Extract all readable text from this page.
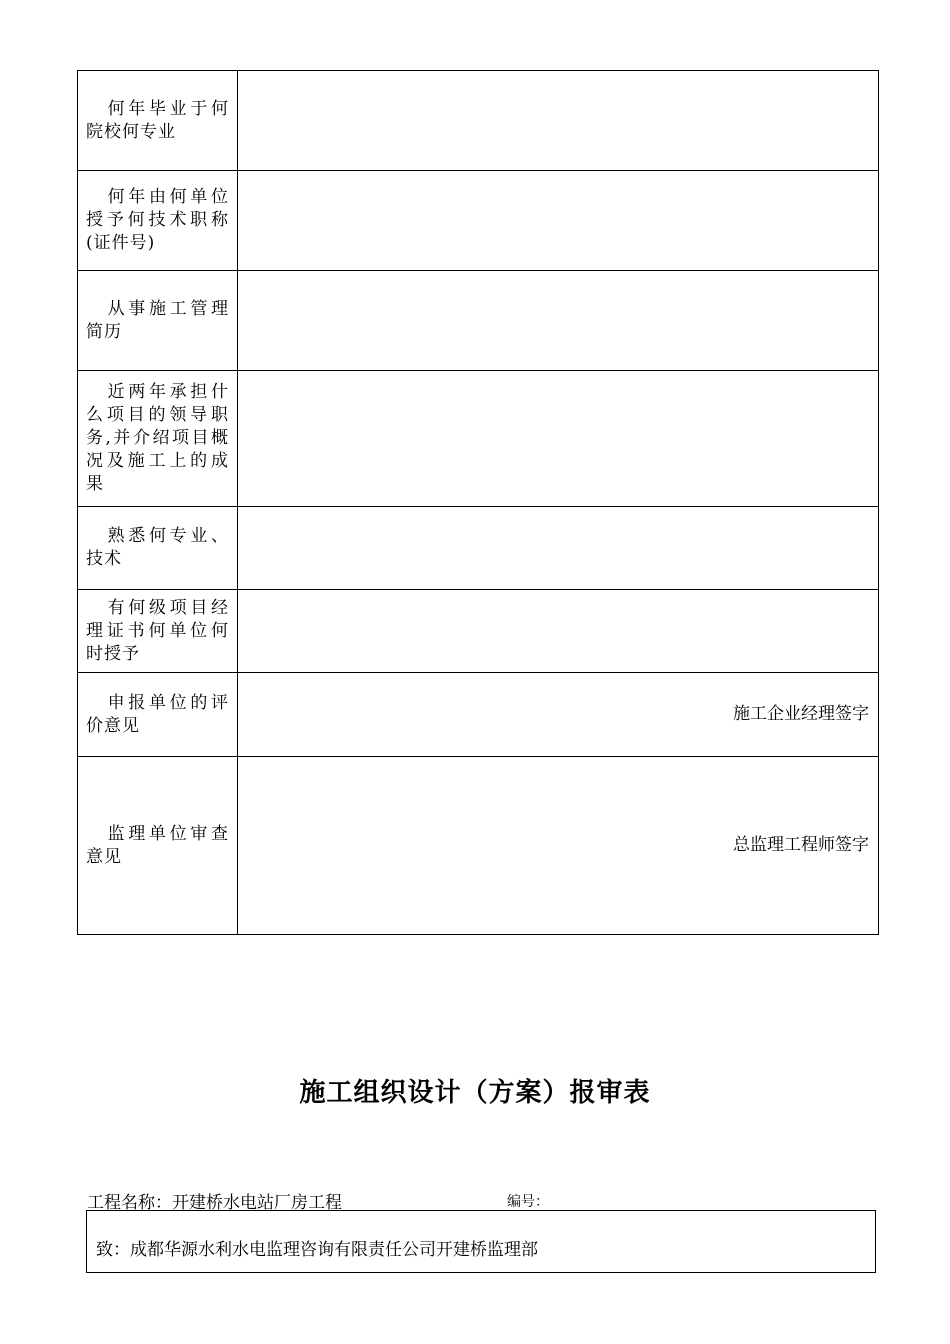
何年毕业于何院校何专业	
何年由何单位授予何技术职称(证件号)	
从事施工管理简历	
近两年承担什么项目的领导职务,并介绍项目概况及施工上的成果	
熟悉何专业、技术	
有何级项目经理证书何单位何时授予	
申报单位的评价意见	施工企业经理签字
监理单位审查意见	总监理工程师签字
施工组织设计（方案）报审表
工程名称：开建桥水电站厂房工程	编号：
致：成都华源水利水电监理咨询有限责任公司开建桥监理部
